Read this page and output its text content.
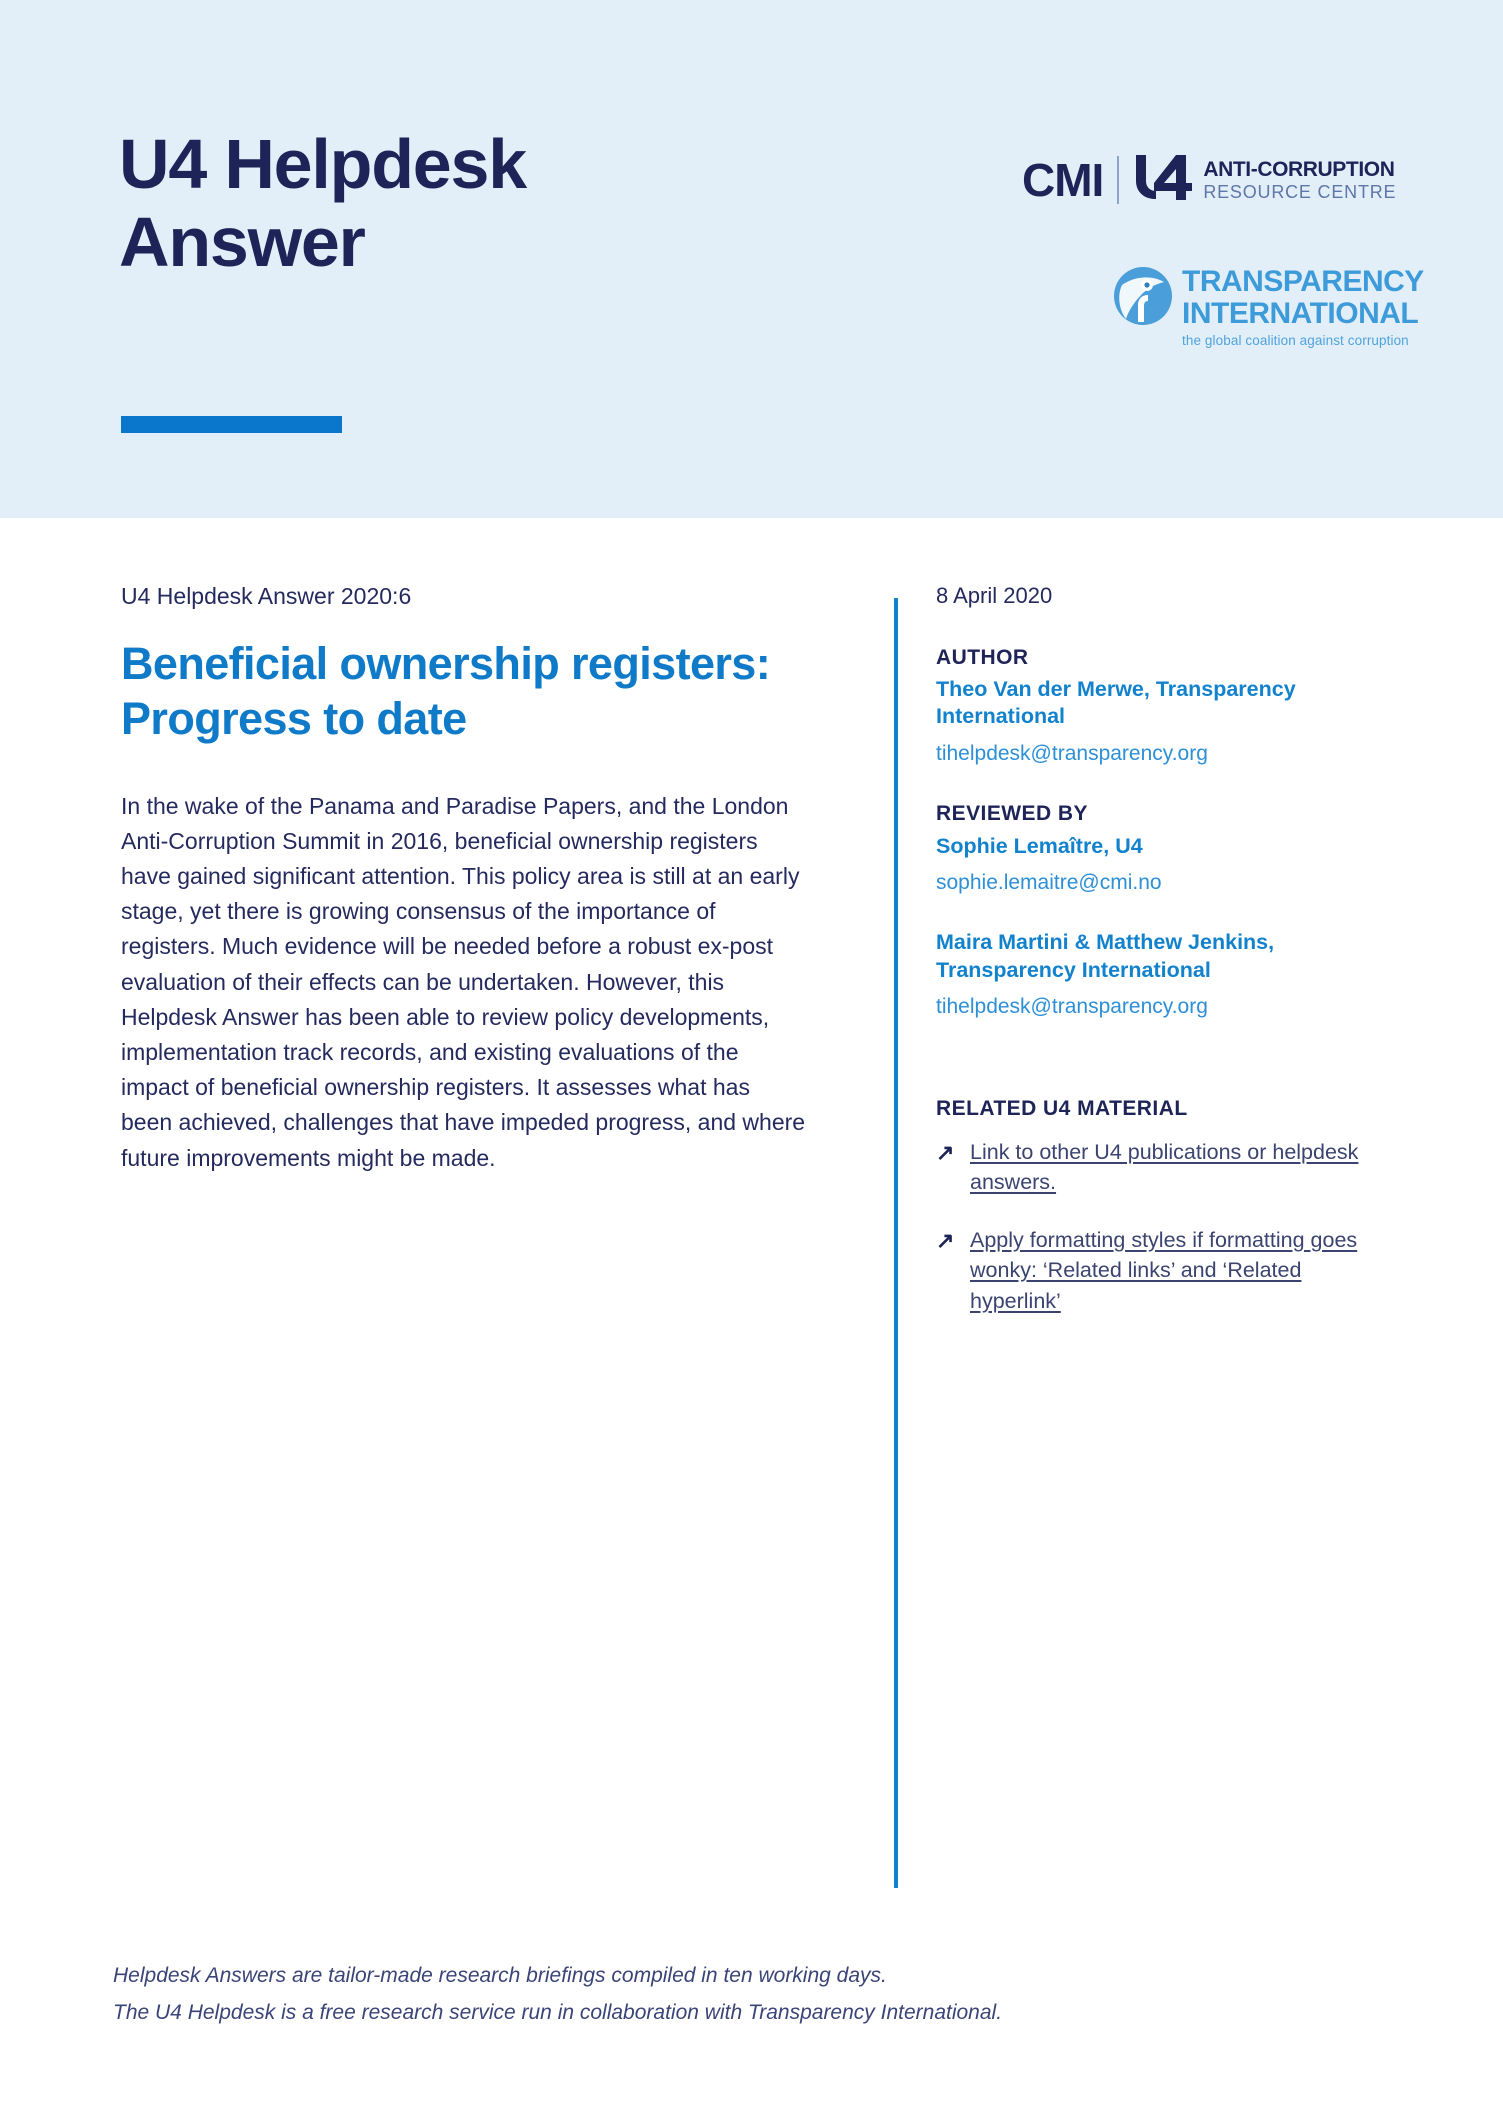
U4 Helpdesk Answer
CMI	ANTI-CORRUPTION
RESOURCE CENTRE
TRANSPARENCY
INTERNATIONAL
the global coalition against corruption
U4 Helpdesk Answer 2020:6
Beneficial ownership registers: Progress to date
In the wake of the Panama and Paradise Papers, and the London Anti-Corruption Summit in 2016, beneficial ownership registers have gained significant attention. This policy area is still at an early stage, yet there is growing consensus of the importance of registers. Much evidence will be needed before a robust ex-post evaluation of their effects can be undertaken. However, this Helpdesk Answer has been able to review policy developments, implementation track records, and existing evaluations of the impact of beneficial ownership registers. It assesses what has been achieved, challenges that have impeded progress, and where future improvements might be made.
8 April 2020
AUTHOR
Theo Van der Merwe, Transparency International
tihelpdesk@transparency.org
REVIEWED BY
Sophie Lemaître, U4
sophie.lemaitre@cmi.no
Maira Martini & Matthew Jenkins, Transparency International
tihelpdesk@transparency.org
RELATED U4 MATERIAL
↗ Link to other U4 publications or helpdesk answers.
↗ Apply formatting styles if formatting goes wonky: ‘Related links’ and ‘Related hyperlink’
Helpdesk Answers are tailor-made research briefings compiled in ten working days.
The U4 Helpdesk is a free research service run in collaboration with Transparency International.
